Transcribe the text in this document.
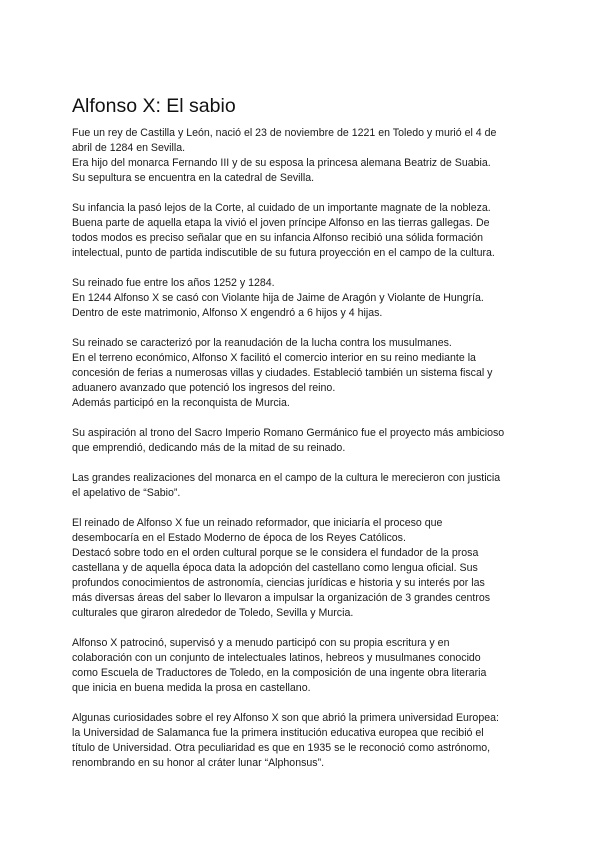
Alfonso X: El sabio

Fue un rey de Castilla y León, nació el 23 de noviembre de 1221 en Toledo y murió el 4 de
abril de 1284 en Sevilla.
Era hijo del monarca Fernando III y de su esposa la princesa alemana Beatriz de Suabia.
Su sepultura se encuentra en la catedral de Sevilla.

Su infancia la pasó lejos de la Corte, al cuidado de un importante magnate de la nobleza.
Buena parte de aquella etapa la vivió el joven príncipe Alfonso en las tierras gallegas. De
todos modos es preciso señalar que en su infancia Alfonso recibió una sólida formación
intelectual, punto de partida indiscutible de su futura proyección en el campo de la cultura.

Su reinado fue entre los años 1252 y 1284.
En 1244 Alfonso X se casó con Violante hija de Jaime de Aragón y Violante de Hungría.
Dentro de este matrimonio, Alfonso X engendró a 6 hijos y 4 hijas.

Su reinado se caracterizó por la reanudación de la lucha contra los musulmanes.
En el terreno económico, Alfonso X facilitó el comercio interior en su reino mediante la
concesión de ferias a numerosas villas y ciudades. Estableció también un sistema fiscal y
aduanero avanzado que potenció los ingresos del reino.
Además participó en la reconquista de Murcia.

Su aspiración al trono del Sacro Imperio Romano Germánico fue el proyecto más ambicioso
que emprendió, dedicando más de la mitad de su reinado.

Las grandes realizaciones del monarca en el campo de la cultura le merecieron con justicia
el apelativo de “Sabio”.

El reinado de Alfonso X fue un reinado reformador, que iniciaría el proceso que
desembocaría en el Estado Moderno de época de los Reyes Católicos.
Destacó sobre todo en el orden cultural porque se le considera el fundador de la prosa
castellana y de aquella época data la adopción del castellano como lengua oficial. Sus
profundos conocimientos de astronomía, ciencias jurídicas e historia y su interés por las
más diversas áreas del saber lo llevaron a impulsar la organización de 3 grandes centros
culturales que giraron alrededor de Toledo, Sevilla y Murcia.

Alfonso X patrocinó, supervisó y a menudo participó con su propia escritura y en
colaboración con un conjunto de intelectuales latinos, hebreos y musulmanes conocido
como Escuela de Traductores de Toledo, en la composición de una ingente obra literaria
que inicia en buena medida la prosa en castellano.

Algunas curiosidades sobre el rey Alfonso X son que abrió la primera universidad Europea:
la Universidad de Salamanca fue la primera institución educativa europea que recibió el
título de Universidad. Otra peculiaridad es que en 1935 se le reconoció como astrónomo,
renombrando en su honor al cráter lunar “Alphonsus”.
